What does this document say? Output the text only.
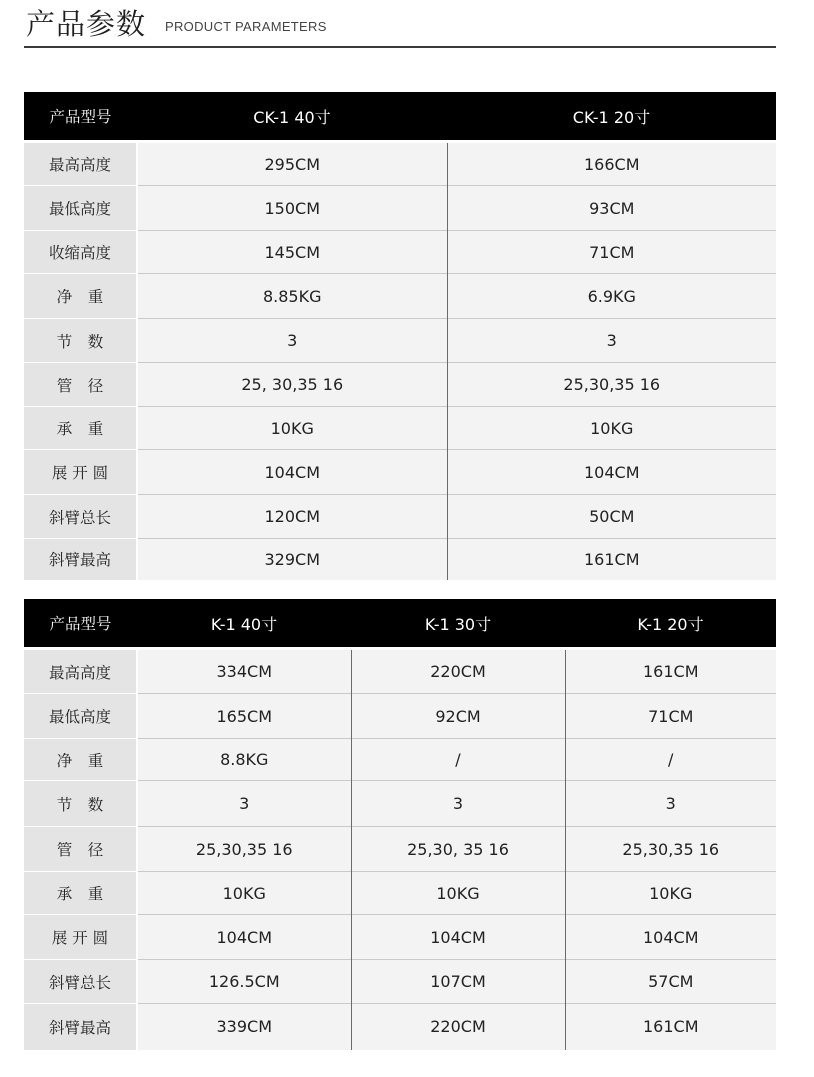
产品参数 PRODUCT PARAMETERS
产品型号	CK-1 40寸	CK-1 20寸
最高高度	295CM	166CM
最低高度	150CM	93CM
收缩高度	145CM	71CM
净　重	8.85KG	6.9KG
节　数	3	3
管　径	25, 30,35 16	25,30,35 16
承　重	10KG	10KG
展 开 圆	104CM	104CM
斜臂总长	120CM	50CM
斜臂最高	329CM	161CM
产品型号	K-1 40寸	K-1 30寸	K-1 20寸
最高高度	334CM	220CM	161CM
最低高度	165CM	92CM	71CM
净　重	8.8KG	/	/
节　数	3	3	3
管　径	25,30,35 16	25,30, 35 16	25,30,35 16
承　重	10KG	10KG	10KG
展 开 圆	104CM	104CM	104CM
斜臂总长	126.5CM	107CM	57CM
斜臂最高	339CM	220CM	161CM
